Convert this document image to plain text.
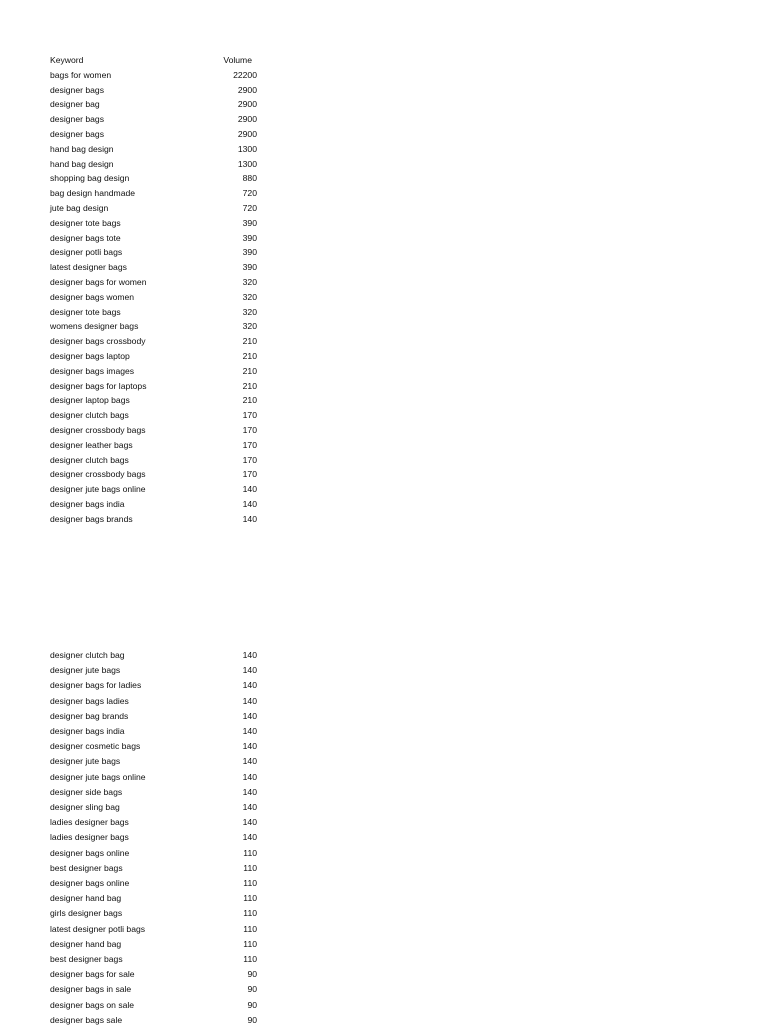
Keyword	Volume
bags for women	22200
designer bags	2900
designer bag	2900
designer bags	2900
designer bags	2900
hand bag design	1300
hand bag design	1300
shopping bag design	880
bag design handmade	720
jute bag design	720
designer tote bags	390
designer bags tote	390
designer potli bags	390
latest designer bags	390
designer bags for women	320
designer bags women	320
designer tote bags	320
womens designer bags	320
designer bags crossbody	210
designer bags laptop	210
designer bags images	210
designer bags for laptops	210
designer laptop bags	210
designer clutch bags	170
designer crossbody bags	170
designer leather bags	170
designer clutch bags	170
designer crossbody bags	170
designer jute bags online	140
designer bags india	140
designer bags brands	140
designer clutch bag	140
designer jute bags	140
designer bags for ladies	140
designer bags ladies	140
designer bag brands	140
designer bags india	140
designer cosmetic bags	140
designer jute bags	140
designer jute bags online	140
designer side bags	140
designer sling bag	140
ladies designer bags	140
ladies designer bags	140
designer bags online	110
best designer bags	110
designer bags online	110
designer hand bag	110
girls designer bags	110
latest designer potli bags	110
designer hand bag	110
best designer bags	110
designer bags for sale	90
designer bags in sale	90
designer bags on sale	90
designer bags sale	90
